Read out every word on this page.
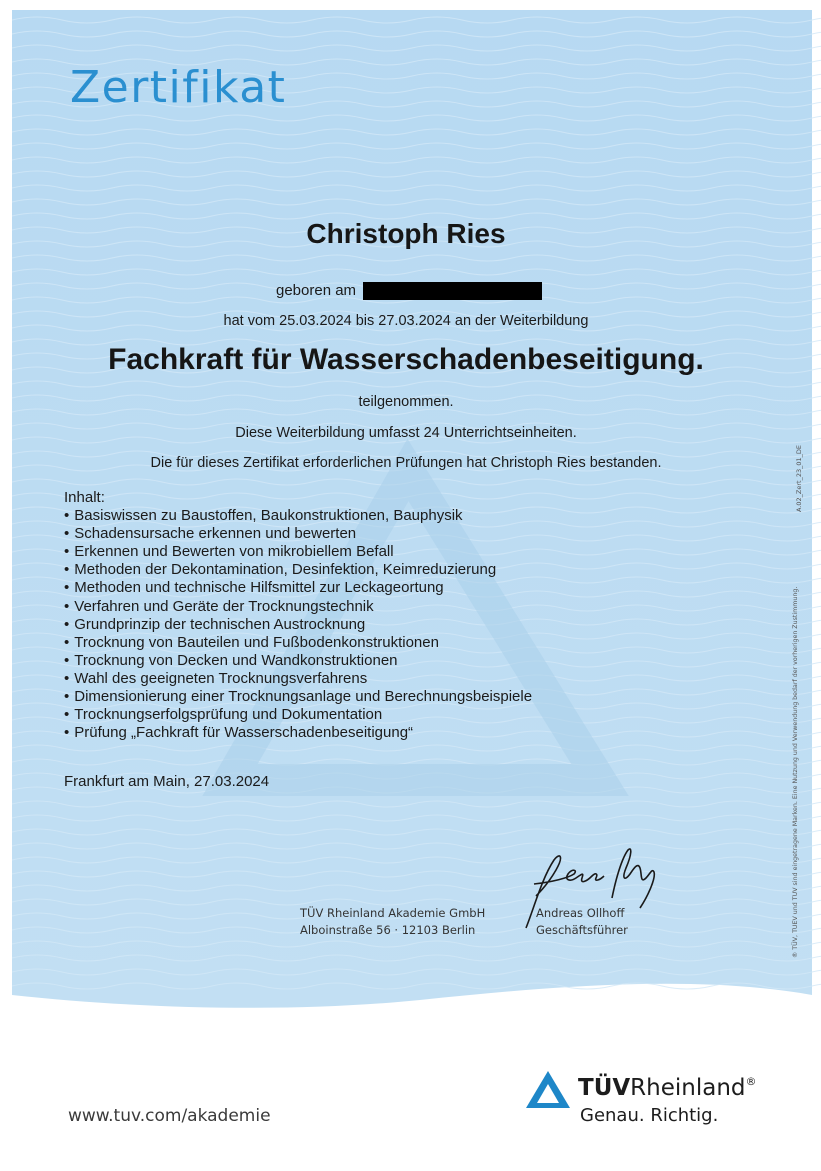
Zertifikat
Christoph Ries
geboren am
hat vom 25.03.2024 bis 27.03.2024 an der Weiterbildung
Fachkraft für Wasserschadenbeseitigung.
teilgenommen.
Diese Weiterbildung umfasst 24 Unterrichtseinheiten.
Die für dieses Zertifikat erforderlichen Prüfungen hat Christoph Ries bestanden.
Inhalt:
• Basiswissen zu Baustoffen, Baukonstruktionen, Bauphysik
• Schadensursache erkennen und bewerten
• Erkennen und Bewerten von mikrobiellem Befall
• Methoden der Dekontamination, Desinfektion, Keimreduzierung
• Methoden und technische Hilfsmittel zur Leckageortung
• Verfahren und Geräte der Trocknungstechnik
• Grundprinzip der technischen Austrocknung
• Trocknung von Bauteilen und Fußbodenkonstruktionen
• Trocknung von Decken und Wandkonstruktionen
• Wahl des geeigneten Trocknungsverfahrens
• Dimensionierung einer Trocknungsanlage und Berechnungsbeispiele
• Trocknungserfolgsprüfung und Dokumentation
• Prüfung „Fachkraft für Wasserschadenbeseitigung“
Frankfurt am Main, 27.03.2024
TÜV Rheinland Akademie GmbH
Alboinstraße 56 · 12103 Berlin
Andreas Ollhoff
Geschäftsführer
A.02_Zert_23_01_DE
® TÜV, TUEV und TUV sind eingetragene Marken. Eine Nutzung und Verwendung bedarf der vorherigen Zustimmung.
www.tuv.com/akademie
TÜVRheinland®
Genau. Richtig.
